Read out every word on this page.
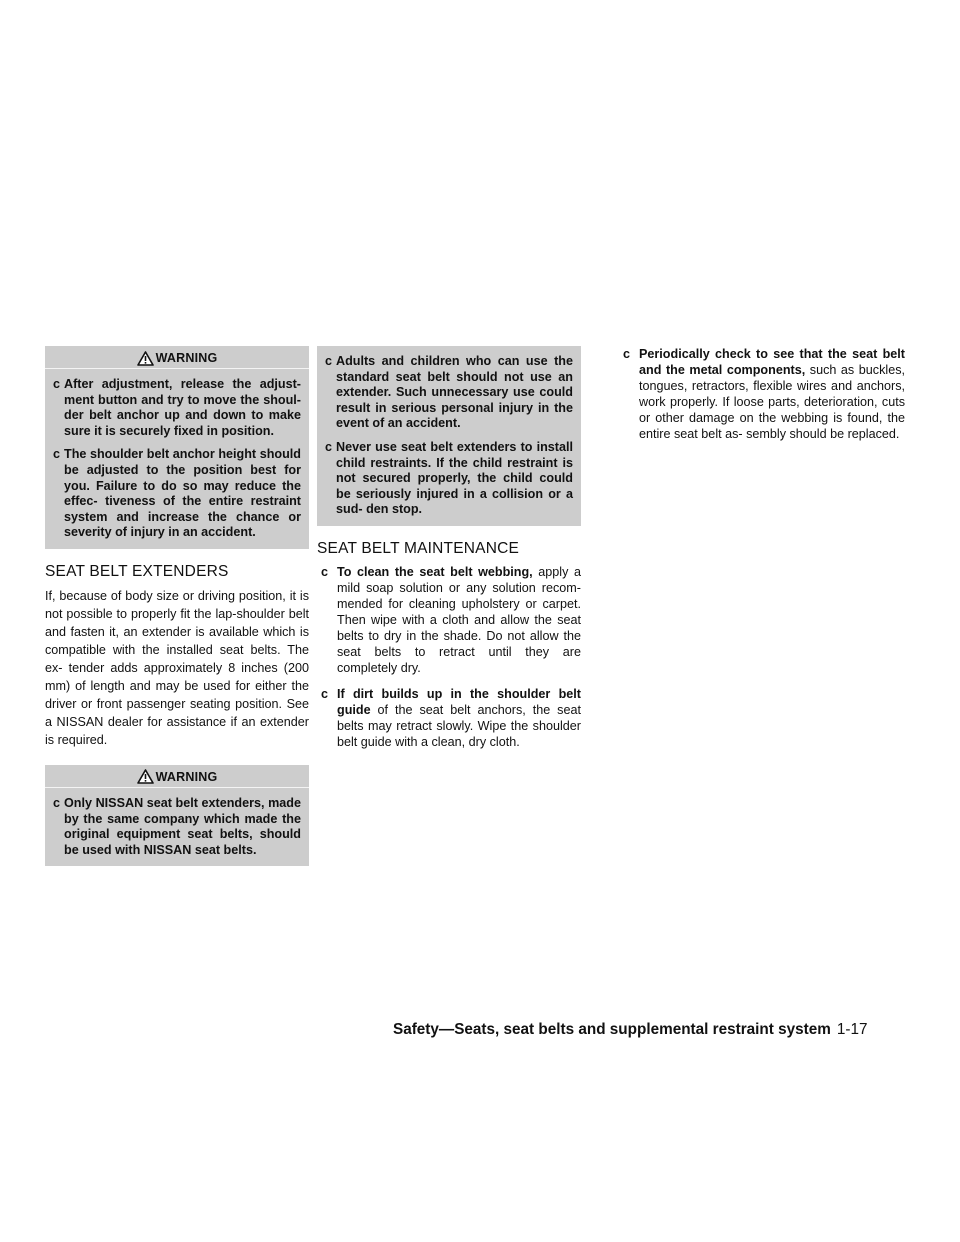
WARNING
c After adjustment, release the adjust- ment button and try to move the shoul- der belt anchor up and down to make sure it is securely fixed in position.
c The shoulder belt anchor height should be adjusted to the position best for you. Failure to do so may reduce the effec- tiveness of the entire restraint system and increase the chance or severity of injury in an accident.
SEAT BELT EXTENDERS

If, because of body size or driving position, it is not possible to properly fit the lap-shoulder belt and fasten it, an extender is available which is compatible with the installed seat belts. The ex- tender adds approximately 8 inches (200 mm) of length and may be used for either the driver or front passenger seating position. See a NISSAN dealer for assistance if an extender is required.

WARNING
c Only NISSAN seat belt extenders, made by the same company which made the original equipment seat belts, should be used with NISSAN seat belts.
c Adults and children who can use the standard seat belt should not use an extender. Such unnecessary use could result in serious personal injury in the event of an accident.
c Never use seat belt extenders to install child restraints. If the child restraint is not secured properly, the child could be seriously injured in a collision or a sud- den stop.
SEAT BELT MAINTENANCE
c To clean the seat belt webbing, apply a mild soap solution or any solution recom- mended for cleaning upholstery or carpet. Then wipe with a cloth and allow the seat belts to dry in the shade. Do not allow the seat belts to retract until they are completely dry.
c If dirt builds up in the shoulder belt guide of the seat belt anchors, the seat belts may retract slowly. Wipe the shoulder belt guide with a clean, dry cloth.
c Periodically check to see that the seat belt and the metal components, such as buckles, tongues, retractors, flexible wires and anchors, work properly. If loose parts, deterioration, cuts or other damage on the webbing is found, the entire seat belt as- sembly should be replaced.
Safety—Seats, seat belts and supplemental restraint system 1-17
